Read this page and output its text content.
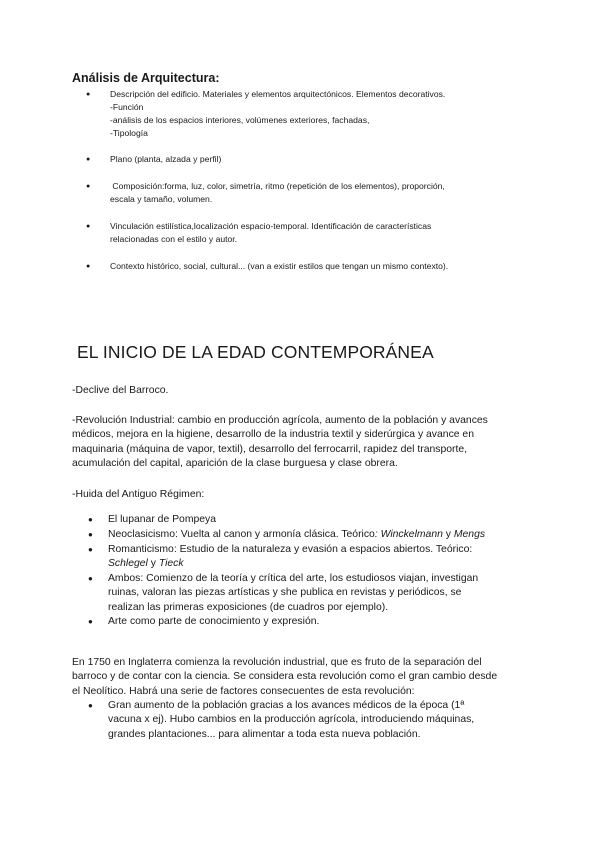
Análisis de Arquitectura:
● Descripción del edificio. Materiales y elementos arquitectónicos. Elementos decorativos.
-Función
-análisis de los espacios interiores, volúmenes exteriores, fachadas,
-Tipología
● Plano (planta, alzada y perfil)
● Composición:forma, luz, color, simetría, ritmo (repetición de los elementos), proporción,
escala y tamaño, volumen.
● Vinculación estilística,localización espacio-temporal. Identificación de características
relacionadas con el estilo y autor.
● Contexto histórico, social, cultural... (van a existir estilos que tengan un mismo contexto).
EL INICIO DE LA EDAD CONTEMPORÁNEA
-Declive del Barroco.
-Revolución Industrial: cambio en producción agrícola, aumento de la población y avances
médicos, mejora en la higiene, desarrollo de la industria textil y siderúrgica y avance en
maquinaria (máquina de vapor, textil), desarrollo del ferrocarril, rapidez del transporte,
acumulación del capital, aparición de la clase burguesa y clase obrera.
-Huida del Antiguo Régimen:
● El lupanar de Pompeya
● Neoclasicismo: Vuelta al canon y armonía clásica. Teórico: Winckelmann y Mengs
● Romanticismo: Estudio de la naturaleza y evasión a espacios abiertos. Teórico:
Schlegel y Tieck
● Ambos: Comienzo de la teoría y crítica del arte, los estudiosos viajan, investigan
ruinas, valoran las piezas artísticas y she publica en revistas y periódicos, se
realizan las primeras exposiciones (de cuadros por ejemplo).
● Arte como parte de conocimiento y expresión.
En 1750 en Inglaterra comienza la revolución industrial, que es fruto de la separación del
barroco y de contar con la ciencia. Se considera esta revolución como el gran cambio desde
el Neolítico. Habrá una serie de factores consecuentes de esta revolución:
● Gran aumento de la población gracias a los avances médicos de la época (1ª
vacuna x ej). Hubo cambios en la producción agrícola, introduciendo máquinas,
grandes plantaciones... para alimentar a toda esta nueva población.
